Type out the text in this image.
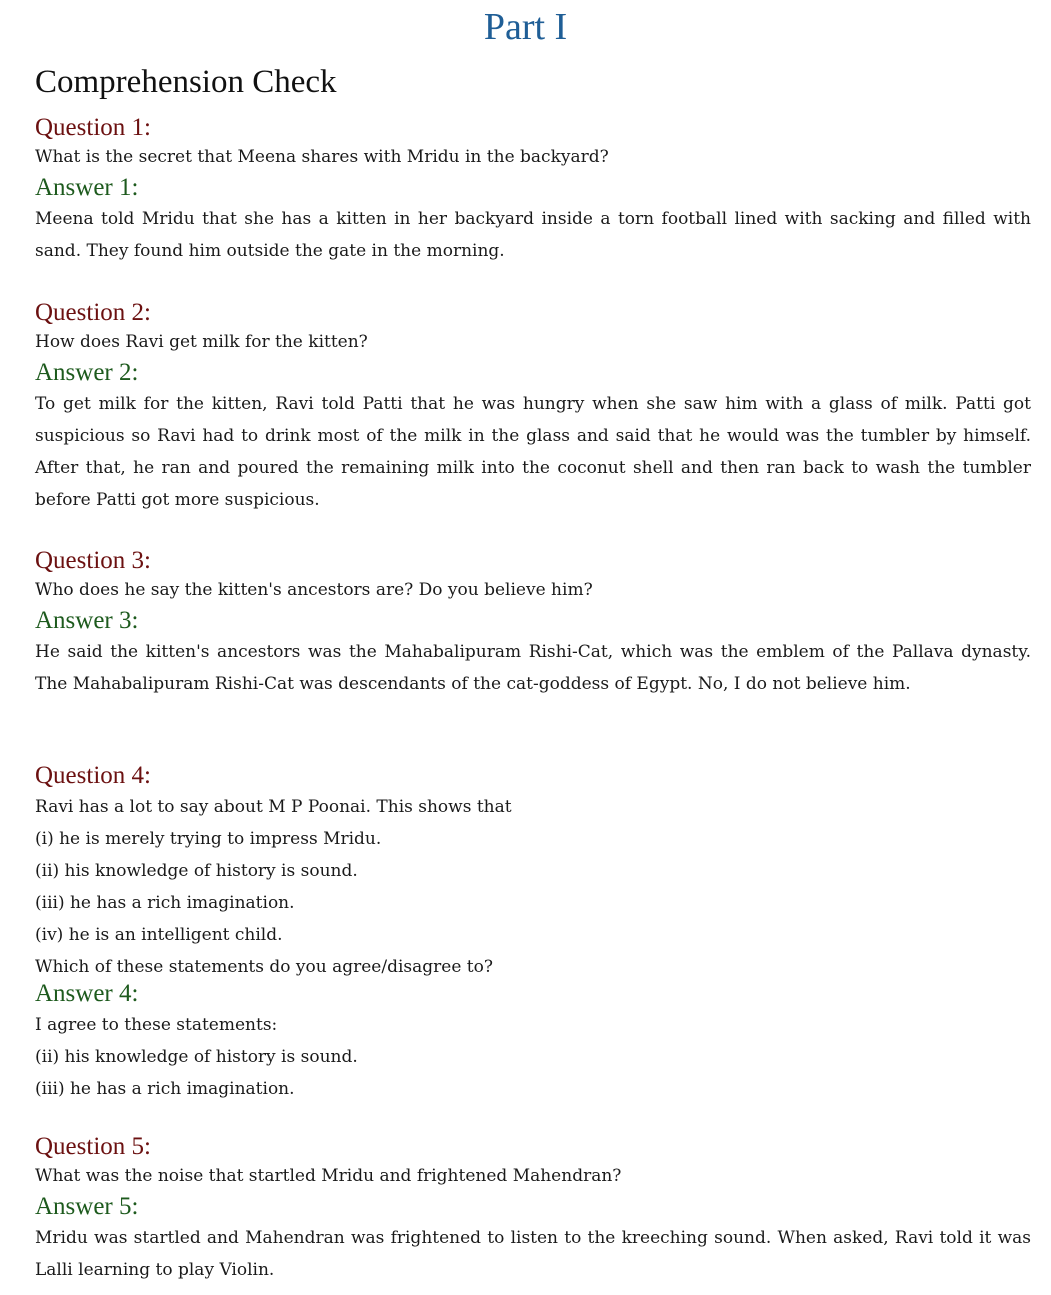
Part I
Comprehension Check
Question 1:
What is the secret that Meena shares with Mridu in the backyard?
Answer 1:
Meena told Mridu that she has a kitten in her backyard inside a torn football lined with sacking and filled with sand. They found him outside the gate in the morning.
Question 2:
How does Ravi get milk for the kitten?
Answer 2:
To get milk for the kitten, Ravi told Patti that he was hungry when she saw him with a glass of milk. Patti got suspicious so Ravi had to drink most of the milk in the glass and said that he would was the tumbler by himself. After that, he ran and poured the remaining milk into the coconut shell and then ran back to wash the tumbler before Patti got more suspicious.
Question 3:
Who does he say the kitten's ancestors are? Do you believe him?
Answer 3:
He said the kitten's ancestors was the Mahabalipuram Rishi-Cat, which was the emblem of the Pallava dynasty. The Mahabalipuram Rishi-Cat was descendants of the cat-goddess of Egypt. No, I do not believe him.
Question 4:
Ravi has a lot to say about M P Poonai. This shows that
(i) he is merely trying to impress Mridu.
(ii) his knowledge of history is sound.
(iii) he has a rich imagination.
(iv) he is an intelligent child.
Which of these statements do you agree/disagree to?
Answer 4:
I agree to these statements:
(ii) his knowledge of history is sound.
(iii) he has a rich imagination.
Question 5:
What was the noise that startled Mridu and frightened Mahendran?
Answer 5:
Mridu was startled and Mahendran was frightened to listen to the kreeching sound. When asked, Ravi told it was Lalli learning to play Violin.
